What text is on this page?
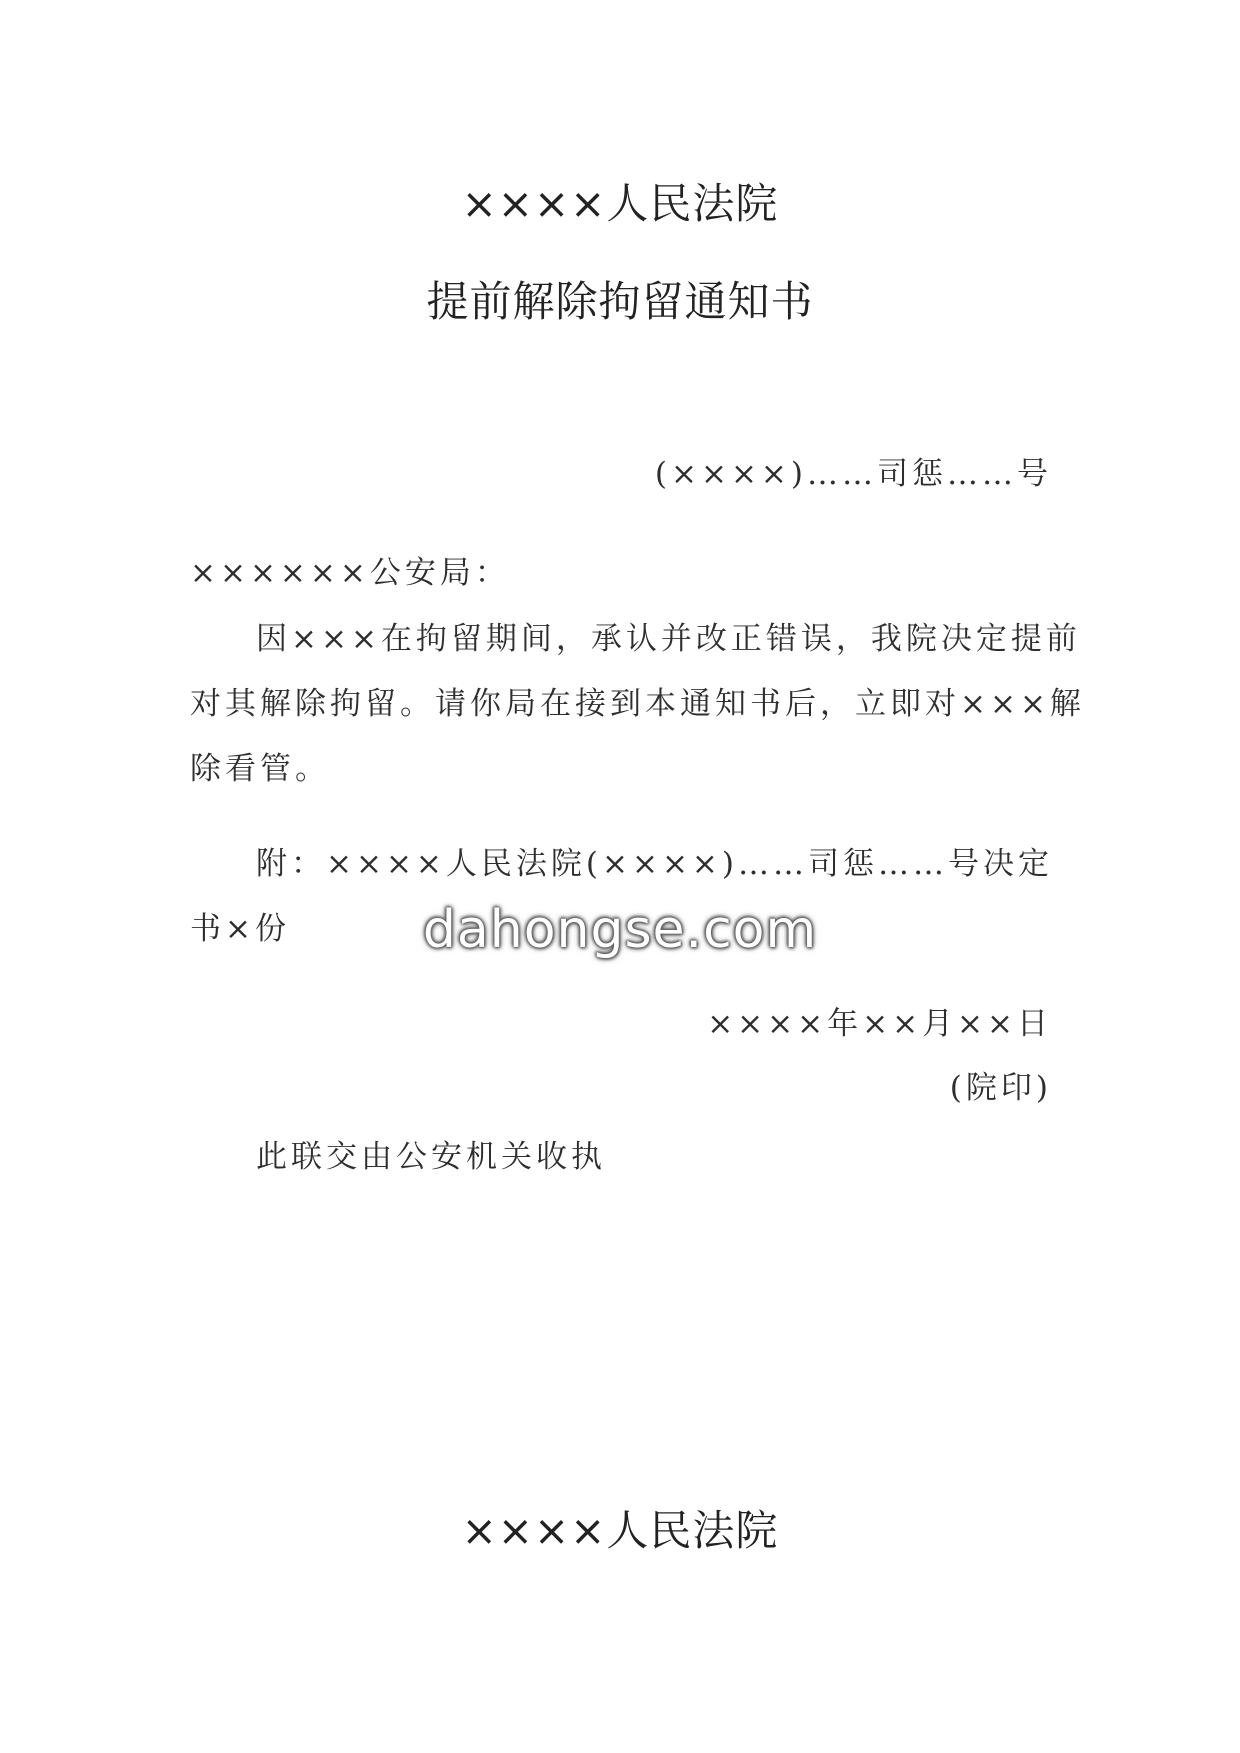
××××人民法院
提前解除拘留通知书
(××××)……司惩……号
××××××公安局：
因×××在拘留期间，承认并改正错误，我院决定提前
对其解除拘留。请你局在接到本通知书后，立即对×××解
除看管。
附：××××人民法院(××××)……司惩……号决定
书×份
××××年××月××日
(院印)
此联交由公安机关收执
××××人民法院
dahongse.com
